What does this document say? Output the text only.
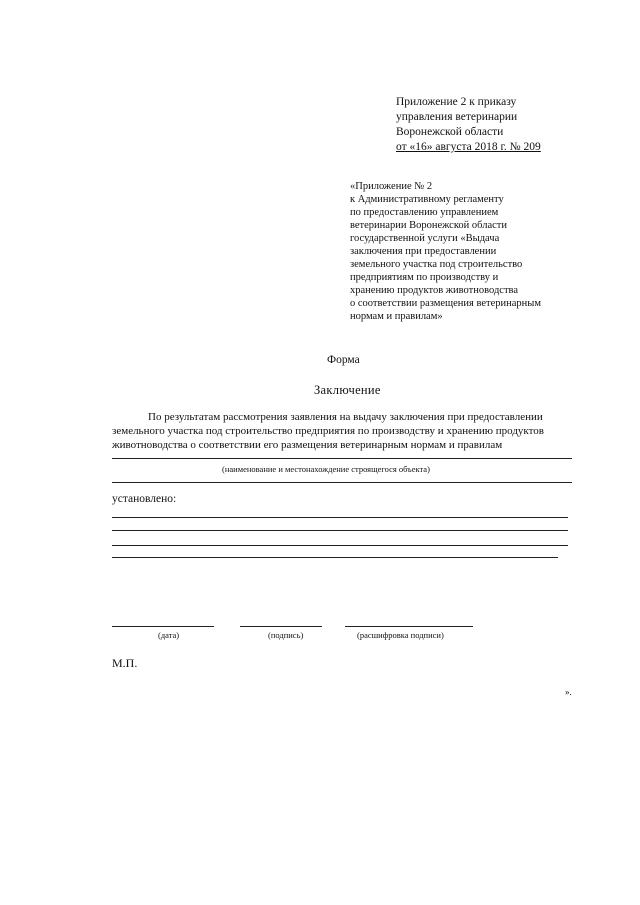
Приложение 2 к приказу
управления ветеринарии
Воронежской области
от «16» августа 2018 г. № 209
«Приложение № 2
к Административному регламенту
по предоставлению управлением
ветеринарии Воронежской области
государственной услуги «Выдача
заключения при предоставлении
земельного участка под строительство
предприятиям по производству и
хранению продуктов животноводства
о соответствии размещения ветеринарным
нормам и правилам»
Форма
Заключение
По результатам рассмотрения заявления на выдачу заключения при предоставлении
земельного участка под строительство предприятия по производству и хранению продуктов
животноводства о соответствии его размещения ветеринарным нормам и правилам
(наименование и местонахождение строящегося объекта)
установлено:
(дата)	(подпись)	(расшифровка подписи)
М.П.
».
